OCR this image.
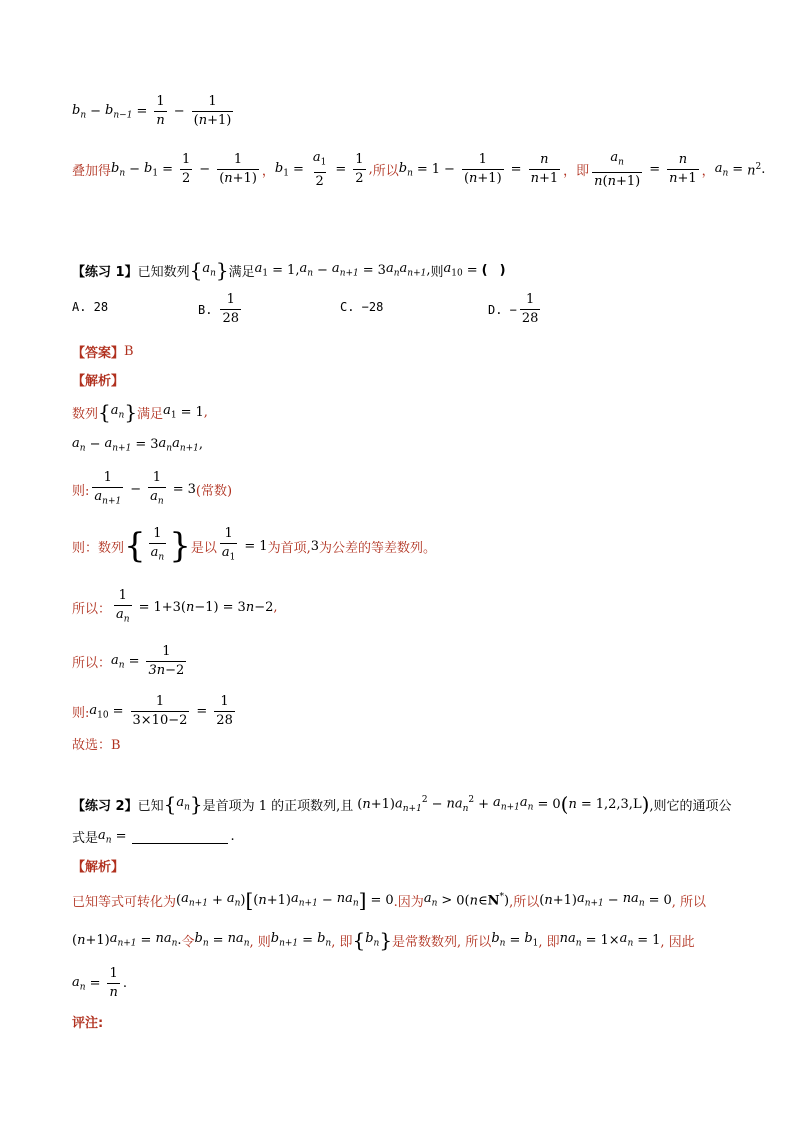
$b_n - b_{n-1} = \frac{1}{n} - \frac{1}{(n+1)}$
叠加得 $b_n - b_1 = \frac{1}{2} - \frac{1}{(n+1)}$ ， $b_1 = \frac{a_1}{2} = \frac{1}{2}$ , 所以 $b_n = 1 - \frac{1}{(n+1)} = \frac{n}{n+1}$ ， 即 $\frac{a_n}{n(n+1)} = \frac{n}{n+1}$ ， $a_n = n^2$ .
【练习 1】 已知数列 { $a_n$ } 满足 $a_1 = 1$, $a_n - a_{n+1} = 3$ $a_na_{n+1}$ , 则 $a_{10}$ = ( )
A. 28	B. $\frac{1}{28}$	C. −28	D. − $\frac{1}{28}$
【答案】 B
【解析】
数列 { $a_n$ } 满足 $a_1 = 1$ ,
$a_n - a_{n+1} = 3$ $a_na_{n+1}$ ,
则: $\frac{1}{a_{n+1}} - \frac{1}{a_n} = 3$ (常数)
则：数列 { $\frac{1}{a_n}$ } 是以 $\frac{1}{a_1} = 1$ 为首项, 3 为公差的等差数列。
所以： $\frac{1}{a_n} = 1+3(n-1) = 3n-2$ ,
所以： $a_n = \frac{1}{3n-2}$
则: $a_{10} = \frac{1}{3\times 10-2} = \frac{1}{28}$
故选：B
【练习 2】 已知 { $a_n$ } 是首项为 1 的正项数列,且 (n+1) $a_{n+1}^2 - na_n^2 + a_{n+1}a_n = 0$ ( n = 1,2,3,L ) ,则它的通项公
式是 $a_n$ =	.
【解析】
已知等式可转化为 ( $a_{n+1} + a_n$ ) [ (n+1) $a_{n+1} - na_n$ ] = 0 .因为 $a_n$ > 0(n∈N*) ,所以 (n+1) $a_{n+1} - na_n = 0$ , 所以
(n+1) $a_{n+1} = na_n$ . 令 $b_n = na_n$ , 则 $b_{n+1} = b_n$ , 即 { $b_n$ } 是常数数列, 所以 $b_n = b_1$ , 即 $na_n = 1\times a_n = 1$ , 因此
$a_n = \frac{1}{n}$ .
评注:
